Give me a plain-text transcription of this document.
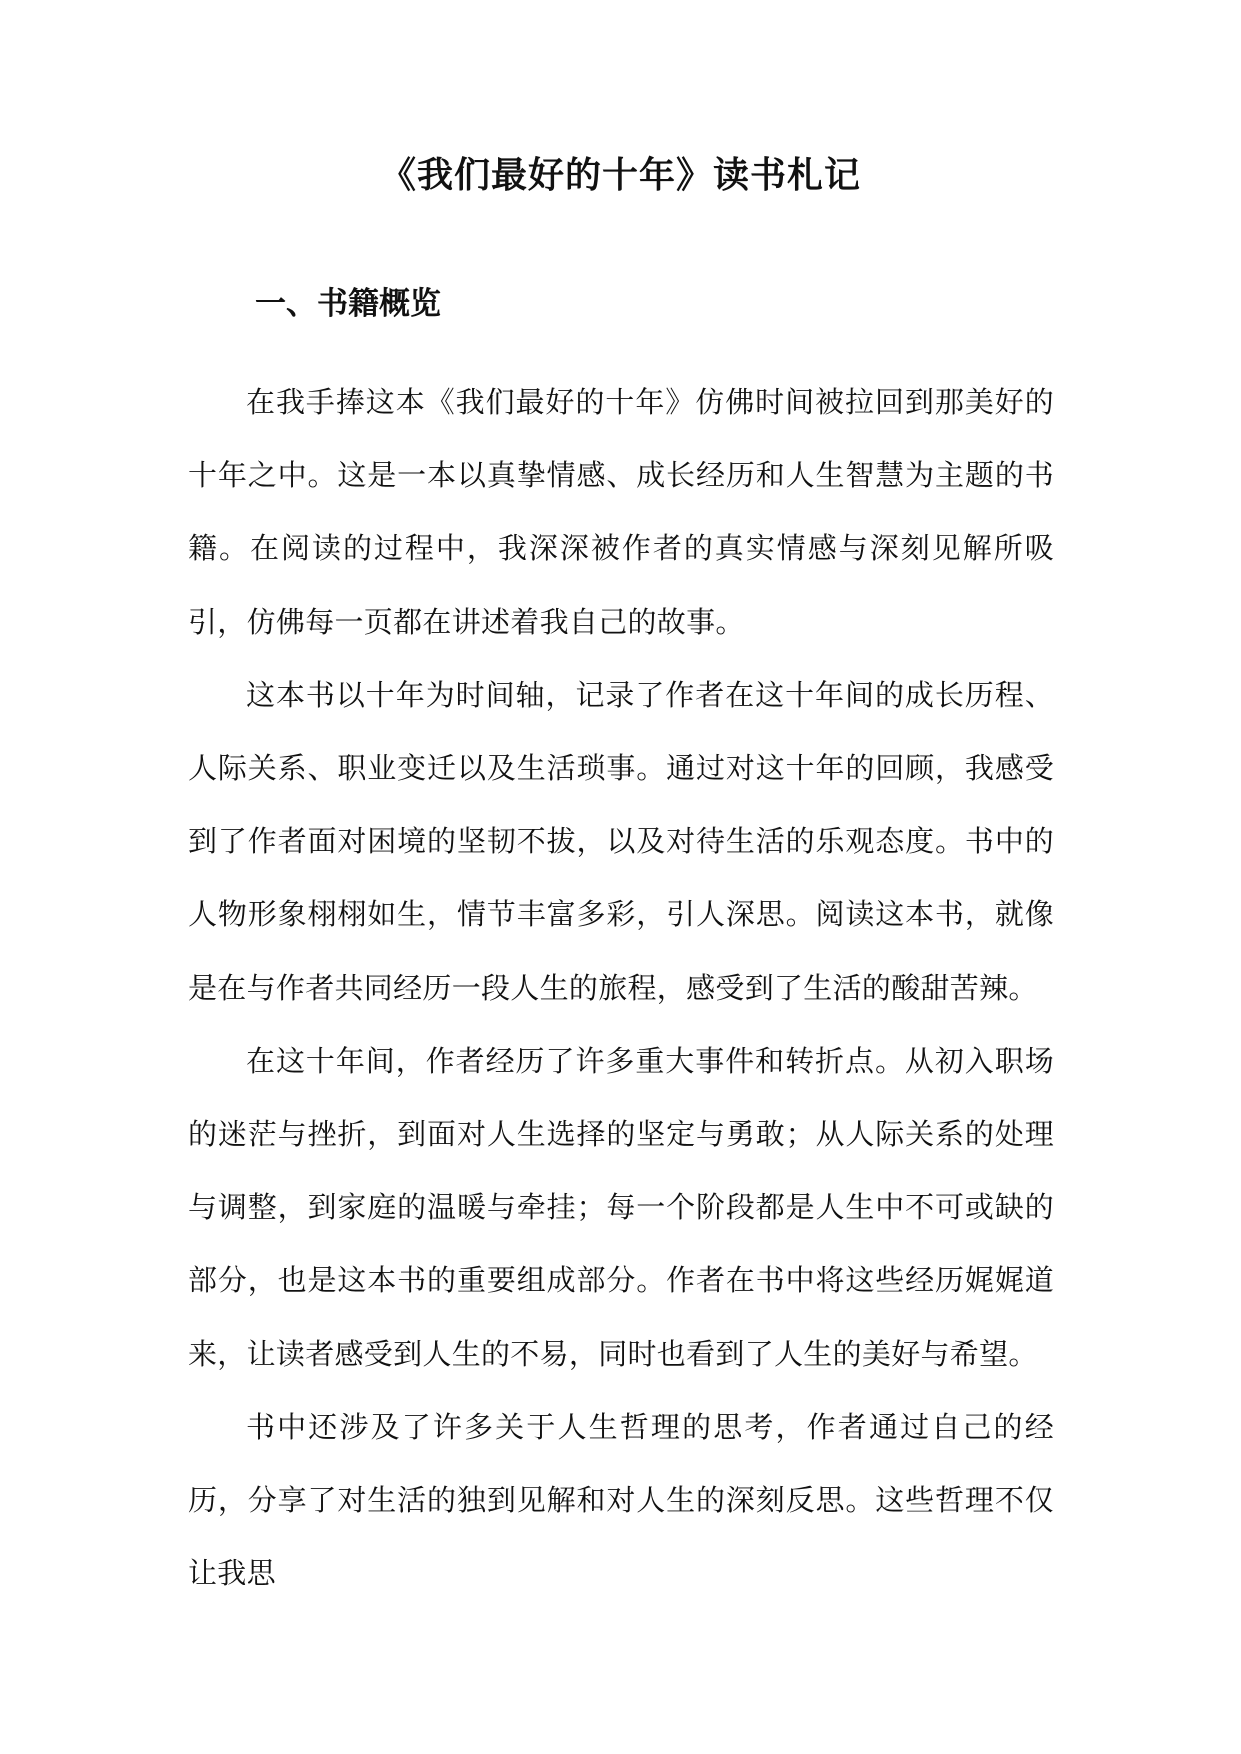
《我们最好的十年》读书札记
一、书籍概览

在我手捧这本《我们最好的十年》仿佛时间被拉回到那美好的十年之中。这是一本以真挚情感、成长经历和人生智慧为主题的书籍。在阅读的过程中，我深深被作者的真实情感与深刻见解所吸引，仿佛每一页都在讲述着我自己的故事。

这本书以十年为时间轴，记录了作者在这十年间的成长历程、人际关系、职业变迁以及生活琐事。通过对这十年的回顾，我感受到了作者面对困境的坚韧不拔，以及对待生活的乐观态度。书中的人物形象栩栩如生，情节丰富多彩，引人深思。阅读这本书，就像是在与作者共同经历一段人生的旅程，感受到了生活的酸甜苦辣。

在这十年间，作者经历了许多重大事件和转折点。从初入职场的迷茫与挫折，到面对人生选择的坚定与勇敢；从人际关系的处理与调整，到家庭的温暖与牵挂；每一个阶段都是人生中不可或缺的部分，也是这本书的重要组成部分。作者在书中将这些经历娓娓道来，让读者感受到人生的不易，同时也看到了人生的美好与希望。

书中还涉及了许多关于人生哲理的思考，作者通过自己的经历，分享了对生活的独到见解和对人生的深刻反思。这些哲理不仅让我思
